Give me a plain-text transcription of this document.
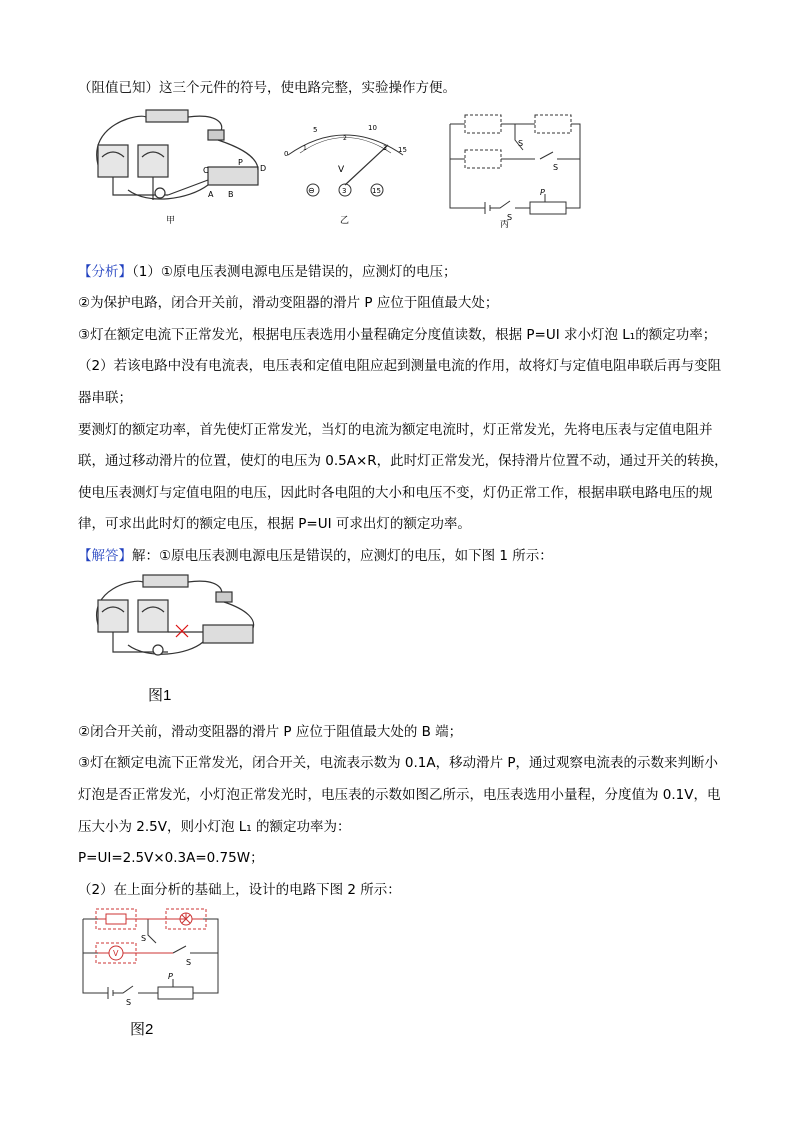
（阻值已知）这三个元件的符号，使电路完整，实验操作方便。
C
P
D
A B
甲
0
5	10
15
1
2
3
V
⊖	3	15
乙
S
S
S
P
丙
【分析】（1）①原电压表测电源电压是错误的，应测灯的电压；
②为保护电路，闭合开关前，滑动变阻器的滑片 P 应位于阻值最大处；
③灯在额定电流下正常发光，根据电压表选用小量程确定分度值读数，根据 P=UI 求小灯泡 L₁的额定功率；
（2）若该电路中没有电流表，电压表和定值电阻应起到测量电流的作用，故将灯与定值电阻串联后再与变阻
器串联；
要测灯的额定功率，首先使灯正常发光，当灯的电流为额定电流时，灯正常发光，先将电压表与定值电阻并
联，通过移动滑片的位置，使灯的电压为 0.5A×R，此时灯正常发光，保持滑片位置不动，通过开关的转换，
使电压表测灯与定值电阻的电压，因此时各电阻的大小和电压不变，灯仍正常工作，根据串联电路电压的规
律，可求出此时灯的额定电压，根据 P=UI 可求出灯的额定功率。
【解答】解：①原电压表测电源电压是错误的，应测灯的电压，如下图 1 所示：
图1
②闭合开关前，滑动变阻器的滑片 P 应位于阻值最大处的 B 端；
③灯在额定电流下正常发光，闭合开关，电流表示数为 0.1A，移动滑片 P，通过观察电流表的示数来判断小
灯泡是否正常发光，小灯泡正常发光时，电压表的示数如图乙所示，电压表选用小量程，分度值为 0.1V，电
压大小为 2.5V，则小灯泡 L₁ 的额定功率为：
P=UI=2.5V×0.3A=0.75W；
（2）在上面分析的基础上，设计的电路下图 2 所示：
V
S
S
S
P
图2
